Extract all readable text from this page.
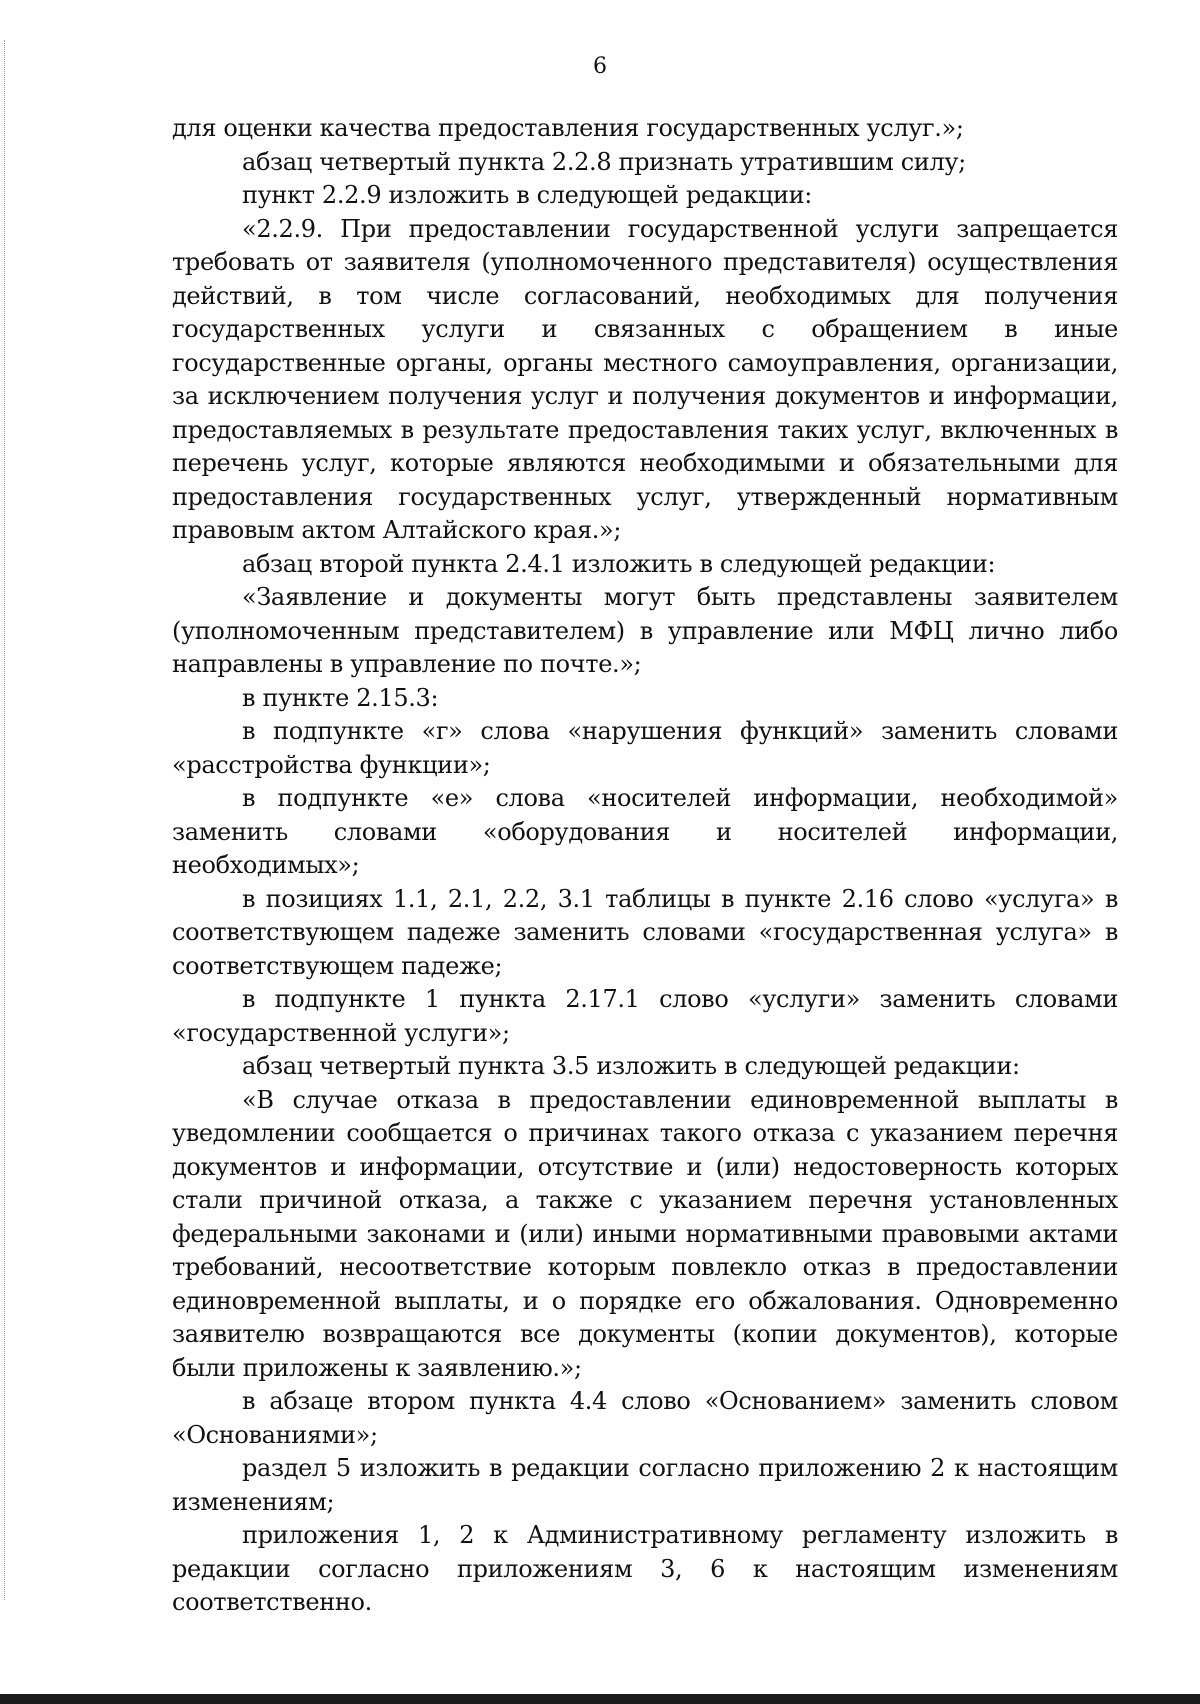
6

для оценки качества предоставления государственных услуг.»;

абзац четвертый пункта 2.2.8 признать утратившим силу;

пункт 2.2.9 изложить в следующей редакции:

«2.2.9. При предоставлении государственной услуги запрещается требовать от заявителя (уполномоченного представителя) осуществления действий, в том числе согласований, необходимых для получения государственных услуги и связанных с обращением в иные государственные органы, органы местного самоуправления, организации, за исключением получения услуг и получения документов и информации, предоставляемых в результате предоставления таких услуг, включенных в перечень услуг, которые являются необходимыми и обязательными для предоставления государственных услуг, утвержденный нормативным правовым актом Алтайского края.»;

абзац второй пункта 2.4.1 изложить в следующей редакции:

«Заявление и документы могут быть представлены заявителем (уполномоченным представителем) в управление или МФЦ лично либо направлены в управление по почте.»;

в пункте 2.15.3:

в подпункте «г» слова «нарушения функций» заменить словами «расстройства функции»;

в подпункте «е» слова «носителей информации, необходимой» заменить словами «оборудования и носителей информации, необходимых»;

в позициях 1.1, 2.1, 2.2, 3.1 таблицы в пункте 2.16 слово «услуга» в соответствующем падеже заменить словами «государственная услуга» в соответствующем падеже;

в подпункте 1 пункта 2.17.1 слово «услуги» заменить словами «государственной услуги»;

абзац четвертый пункта 3.5 изложить в следующей редакции:

«В случае отказа в предоставлении единовременной выплаты в уведомлении сообщается о причинах такого отказа с указанием перечня документов и информации, отсутствие и (или) недостоверность которых стали причиной отказа, а также с указанием перечня установленных федеральными законами и (или) иными нормативными правовыми актами требований, несоответствие которым повлекло отказ в предоставлении единовременной выплаты, и о порядке его обжалования. Одновременно заявителю возвращаются все документы (копии документов), которые были приложены к заявлению.»;

в абзаце втором пункта 4.4 слово «Основанием» заменить словом «Основаниями»;

раздел 5 изложить в редакции согласно приложению 2 к настоящим изменениям;

приложения 1, 2 к Административному регламенту изложить в редакции согласно приложениям 3, 6 к настоящим изменениям соответственно.
